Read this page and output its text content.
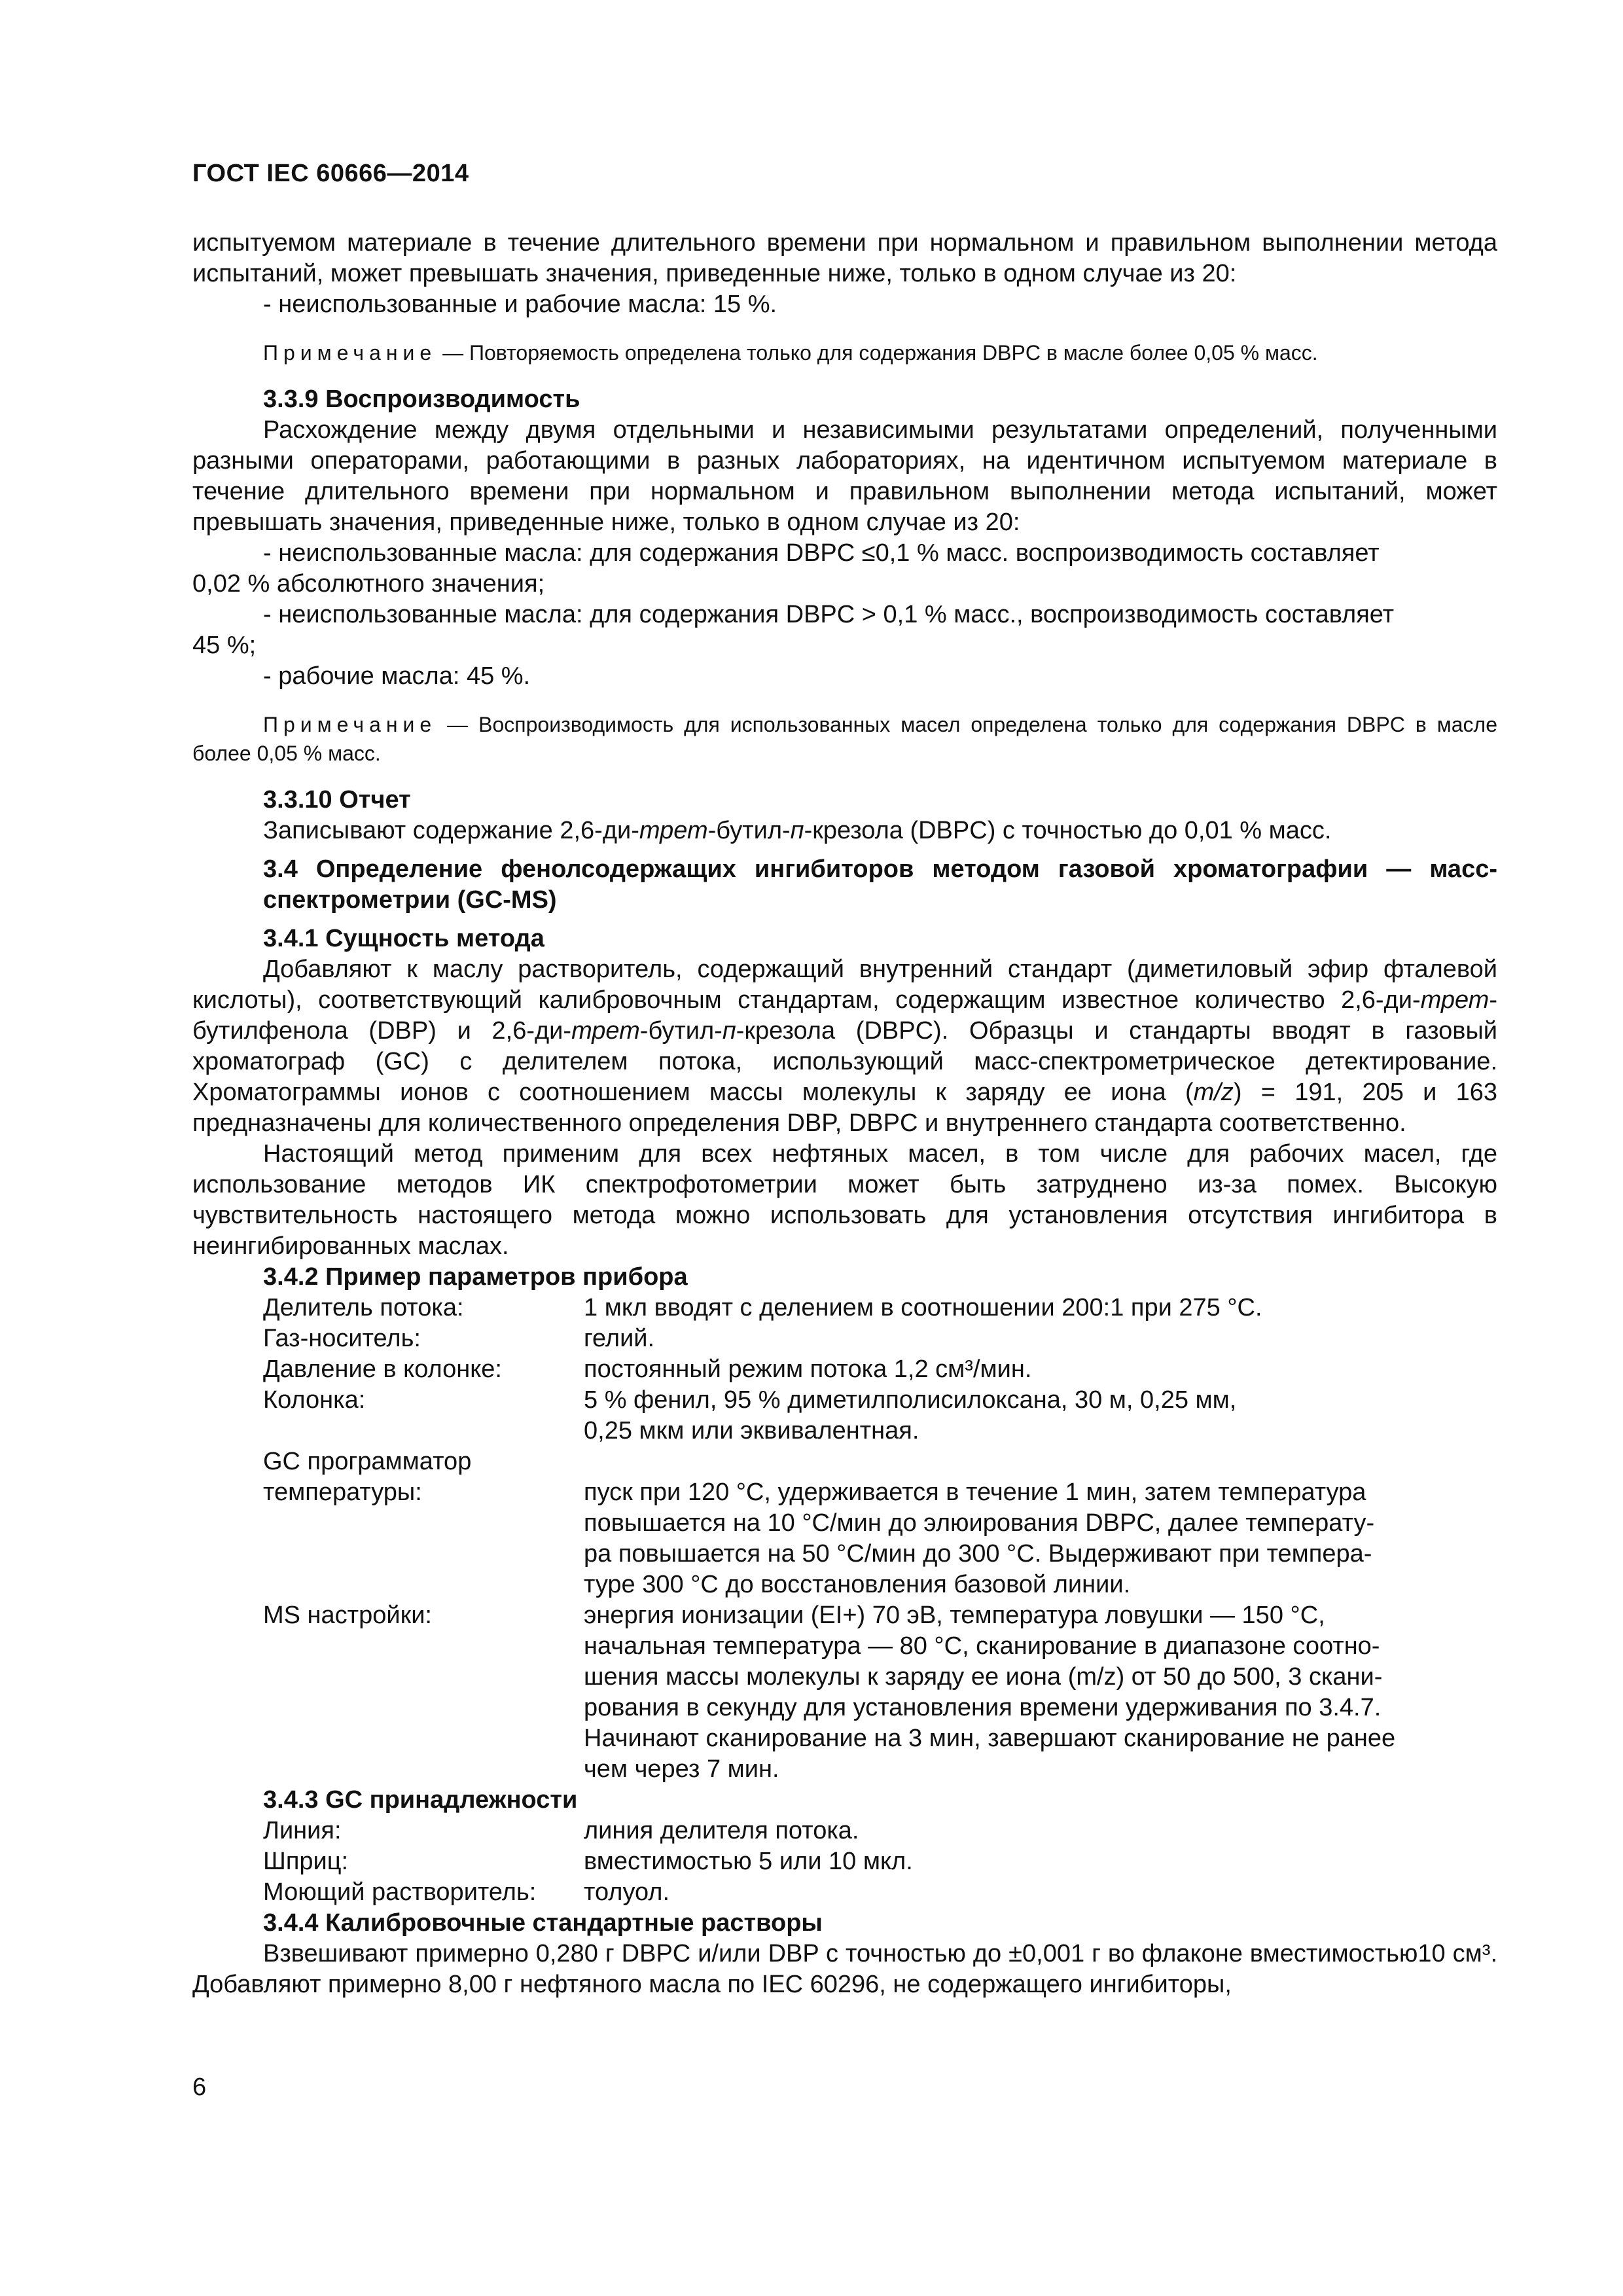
ГОСТ IEC 60666—2014

испытуемом материале в течение длительного времени при нормальном и правильном выполнении метода испытаний, может превышать значения, приведенные ниже, только в одном случае из 20:

- неиспользованные и рабочие масла: 15 %.

Примечание — Повторяемость определена только для содержания DBPC в масле более 0,05 % масс.

3.3.9 Воспроизводимость

Расхождение между двумя отдельными и независимыми результатами определений, полученными разными операторами, работающими в разных лабораториях, на идентичном испытуемом материале в течение длительного времени при нормальном и правильном выполнении метода испытаний, может превышать значения, приведенные ниже, только в одном случае из 20:

- неиспользованные масла: для содержания DBPC ≤0,1 % масс. воспроизводимость составляет

0,02 % абсолютного значения;

- неиспользованные масла: для содержания DBPC > 0,1 % масс., воспроизводимость составляет

45 %;

- рабочие масла: 45 %.

Примечание — Воспроизводимость для использованных масел определена только для содержания DBPC в масле более 0,05 % масс.

3.3.10 Отчет

Записывают содержание 2,6-ди-трет-бутил-п-крезола (DBPC) с точностью до 0,01 % масс.

3.4 Определение фенолсодержащих ингибиторов методом газовой хроматографии — масс-спектрометрии (GC-MS)

3.4.1 Сущность метода

Добавляют к маслу растворитель, содержащий внутренний стандарт (диметиловый эфир фталевой кислоты), соответствующий калибровочным стандартам, содержащим известное количество 2,6-ди-трет-бутилфенола (DBP) и 2,6-ди-трет-бутил-п-крезола (DBPC). Образцы и стандарты вводят в газовый хроматограф (GC) с делителем потока, использующий масс-спектрометрическое детектирование. Хроматограммы ионов с соотношением массы молекулы к заряду ее иона (m/z) = 191, 205 и 163 предназначены для количественного определения DBP, DBPC и внутреннего стандарта соответственно.

Настоящий метод применим для всех нефтяных масел, в том числе для рабочих масел, где использование методов ИК спектрофотометрии может быть затруднено из-за помех. Высокую чувствительность настоящего метода можно использовать для установления отсутствия ингибитора в неингибированных маслах.

3.4.2 Пример параметров прибора

Делитель потока:	1 мкл вводят с делением в соотношении 200:1 при 275 °С.
Газ-носитель:	гелий.
Давление в колонке:	постоянный режим потока 1,2 см³/мин.
Колонка:	5 % фенил, 95 % диметилполисилоксана, 30 м, 0,25 мм,
0,25 мкм или эквивалентная.
GC программатор
температуры:	пуск при 120 °С, удерживается в течение 1 мин, затем температура
повышается на 10 °С/мин до элюирования DBPC, далее температу-
ра повышается на 50 °С/мин до 300 °С. Выдерживают при темпера-
туре 300 °С до восстановления базовой линии.
MS настройки:	энергия ионизации (EI+) 70 эВ, температура ловушки — 150 °С,
начальная температура — 80 °С, сканирование в диапазоне соотно-
шения массы молекулы к заряду ее иона (m/z) от 50 до 500, 3 скани-
рования в секунду для установления времени удерживания по 3.4.7.
Начинают сканирование на 3 мин, завершают сканирование не ранее
чем через 7 мин.

3.4.3 GC принадлежности

Линия:	линия делителя потока.
Шприц:	вместимостью 5 или 10 мкл.
Моющий растворитель:	толуол.

3.4.4 Калибровочные стандартные растворы

Взвешивают примерно 0,280 г DBPC и/или DBP с точностью до ±0,001 г во флаконе вместимостью10 см³. Добавляют примерно 8,00 г нефтяного масла по IEC 60296, не содержащего ингибиторы,

6
